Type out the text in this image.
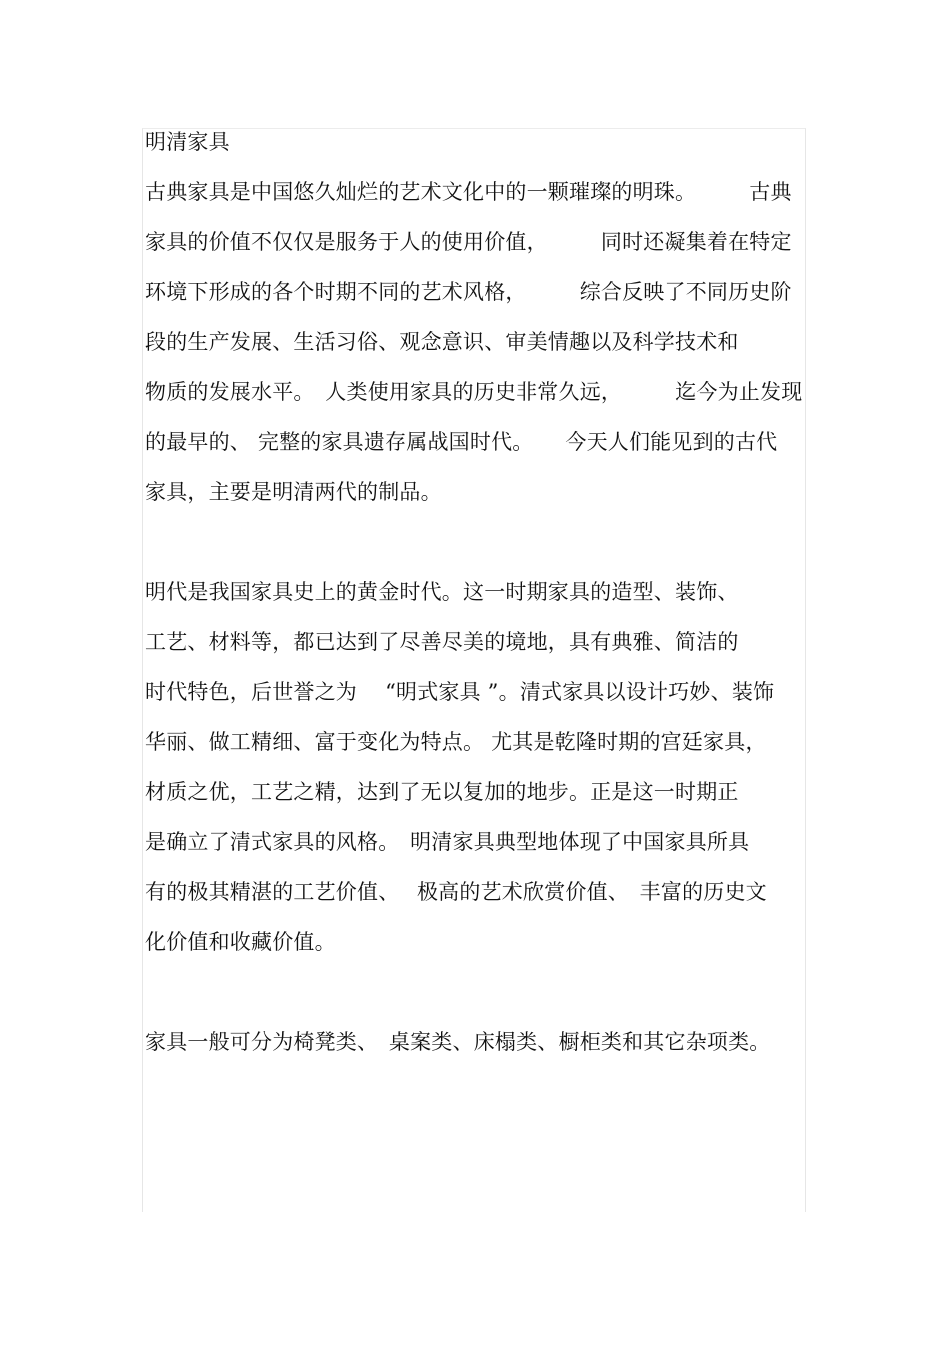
明清家具

古典家具是中国悠久灿烂的艺术文化中的一颗璀璨的明珠。　　　古典

家具的价值不仅仅是服务于人的使用价值，　　　同时还凝集着在特定

环境下形成的各个时期不同的艺术风格，　　　综合反映了不同历史阶

段的生产发展、生活习俗、观念意识、审美情趣以及科学技术和

物质的发展水平。　人类使用家具的历史非常久远，　　　迄今为止发现

的最早的、 完整的家具遗存属战国时代。　　今天人们能见到的古代

家具，主要是明清两代的制品。

明代是我国家具史上的黄金时代。这一时期家具的造型、装饰、

工艺、材料等，都已达到了尽善尽美的境地，具有典雅、简洁的

时代特色，后世誉之为　 “明式家具 ”。清式家具以设计巧妙、装饰

华丽、做工精细、富于变化为特点。 尤其是乾隆时期的宫廷家具，

材质之优，工艺之精，达到了无以复加的地步。正是这一时期正

是确立了清式家具的风格。　明清家具典型地体现了中国家具所具

有的极其精湛的工艺价值、　 极高的艺术欣赏价值、　丰富的历史文

化价值和收藏价值。

家具一般可分为椅凳类、　桌案类、床榻类、橱柜类和其它杂项类。
